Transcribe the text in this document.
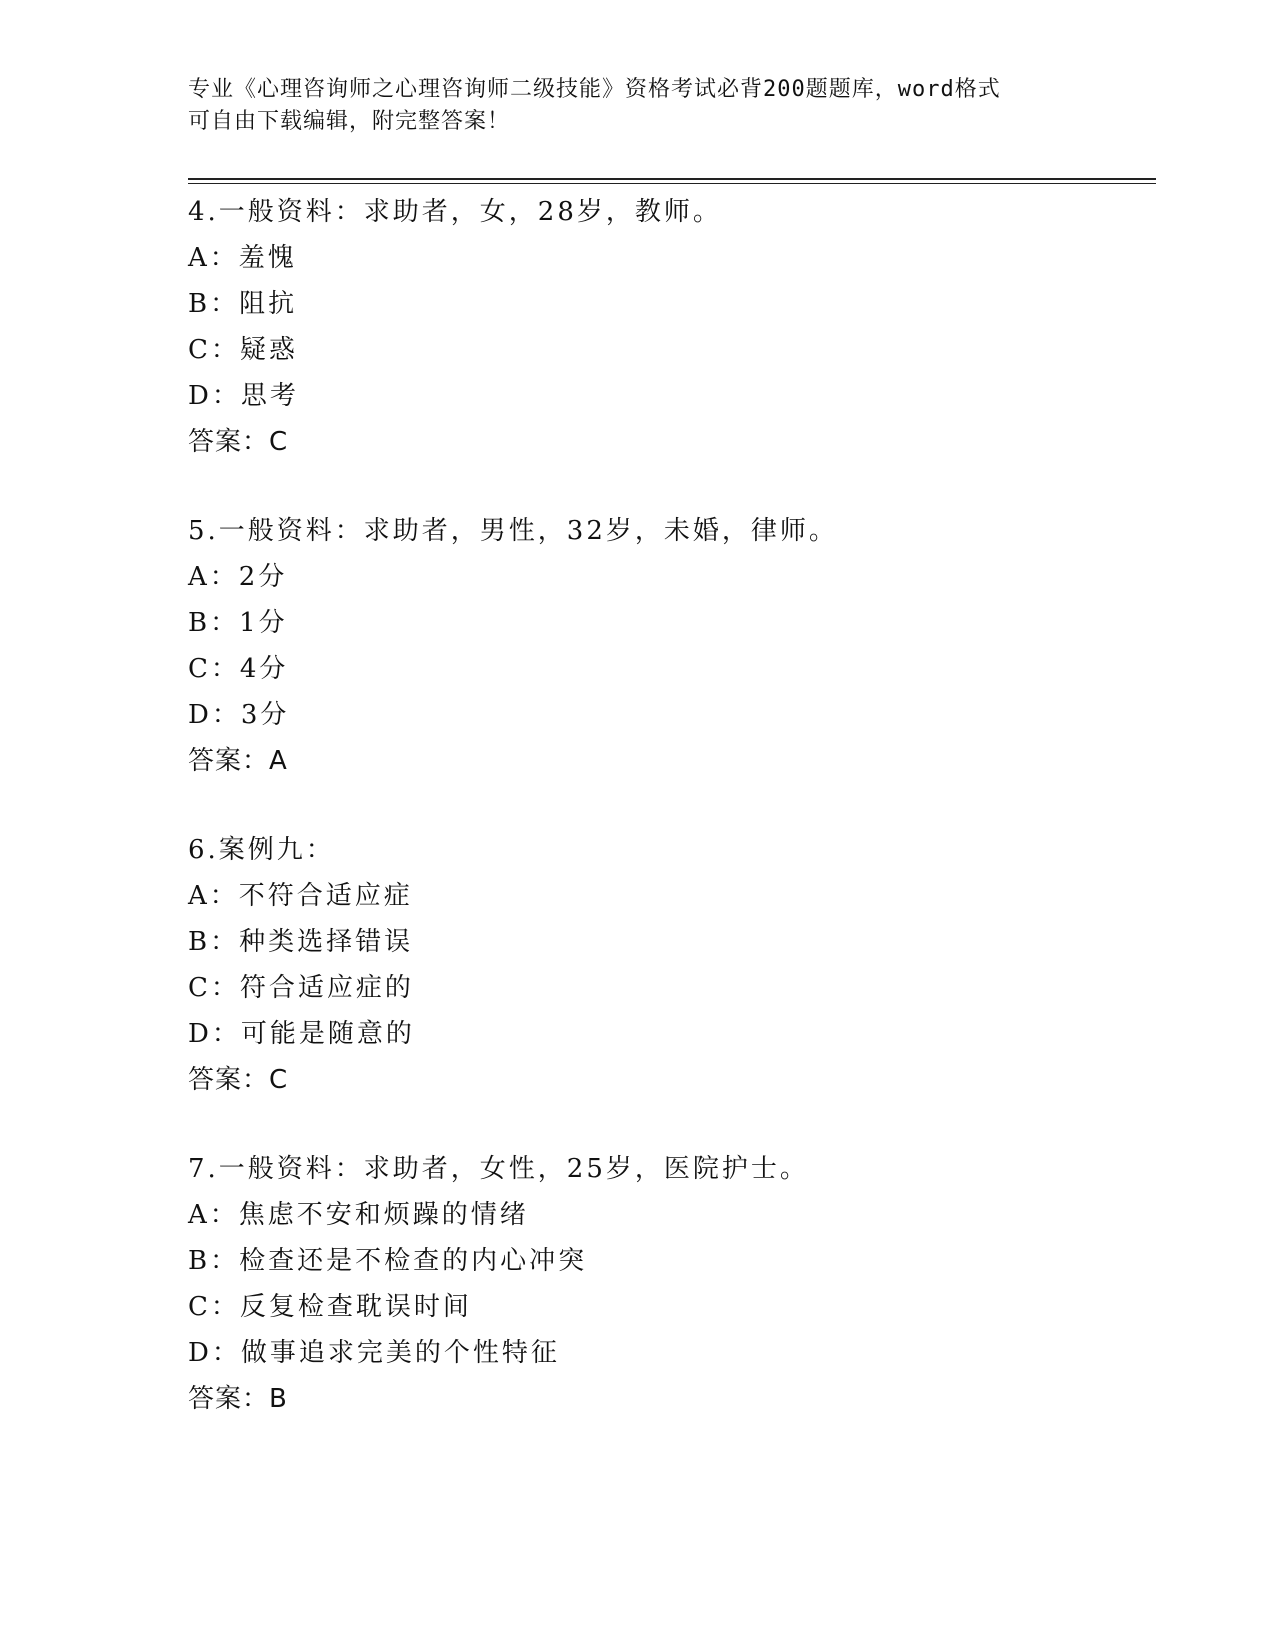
专业《心理咨询师之心理咨询师二级技能》资格考试必背200题题库，word格式
可自由下载编辑，附完整答案！
4.一般资料：求助者，女，28岁，教师。
A：羞愧
B：阻抗
C：疑惑
D：思考
答案：C
5.一般资料：求助者，男性，32岁，未婚，律师。
A：2分
B：1分
C：4分
D：3分
答案：A
6.案例九：
A：不符合适应症
B：种类选择错误
C：符合适应症的
D：可能是随意的
答案：C
7.一般资料：求助者，女性，25岁，医院护士。
A：焦虑不安和烦躁的情绪
B：检查还是不检查的内心冲突
C：反复检查耽误时间
D：做事追求完美的个性特征
答案：B
